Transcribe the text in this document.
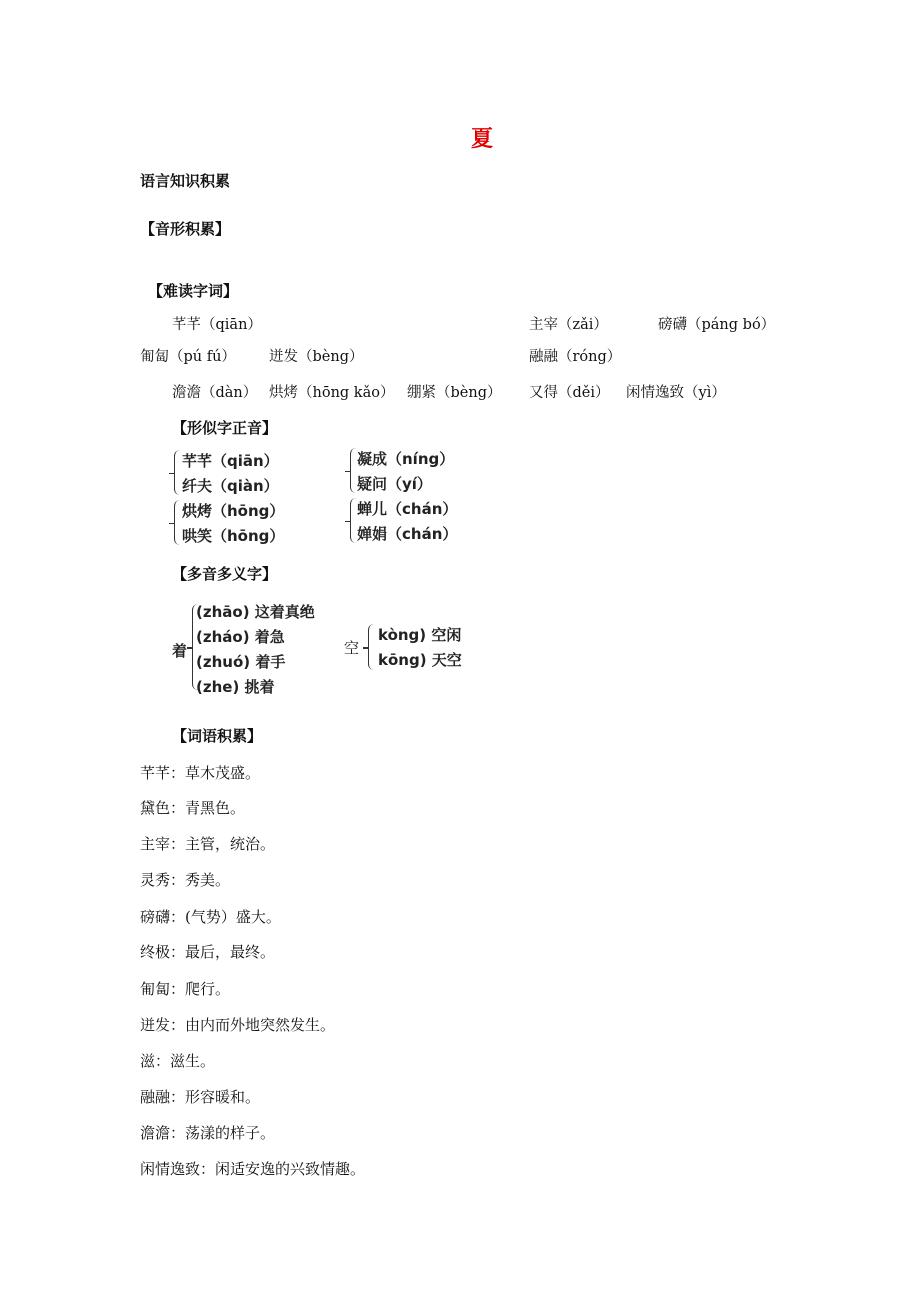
夏
语言知识积累
【音形积累】
【难读字词】
芊芊（qiān）	主宰（zǎi）	磅礴（páng bó）
匍匐（pú fú） 迸发（bèng）	融融（róng）
澹澹（dàn） 烘烤（hōng kǎo） 绷紧（bèng） 又得（děi） 闲情逸致（yì）
【形似字正音】
芊芊（qiān）
纤夫（qiàn）
烘烤（hōng）
哄笑（hōng）
凝成（níng）
疑问（yí）
蝉儿（chán）
婵娟（chán）
【多音多义字】
着
(zhāo) 这着真绝
(zháo) 着急
(zhuó) 着手
(zhe) 挑着
空
kòng) 空闲
kōng) 天空
【词语积累】
芊芊：草木茂盛。
黛色：青黑色。
主宰：主管，统治。
灵秀：秀美。
磅礴：(气势）盛大。
终极：最后，最终。
匍匐：爬行。
迸发：由内而外地突然发生。
滋：滋生。
融融：形容暖和。
澹澹：荡漾的样子。
闲情逸致：闲适安逸的兴致情趣。
